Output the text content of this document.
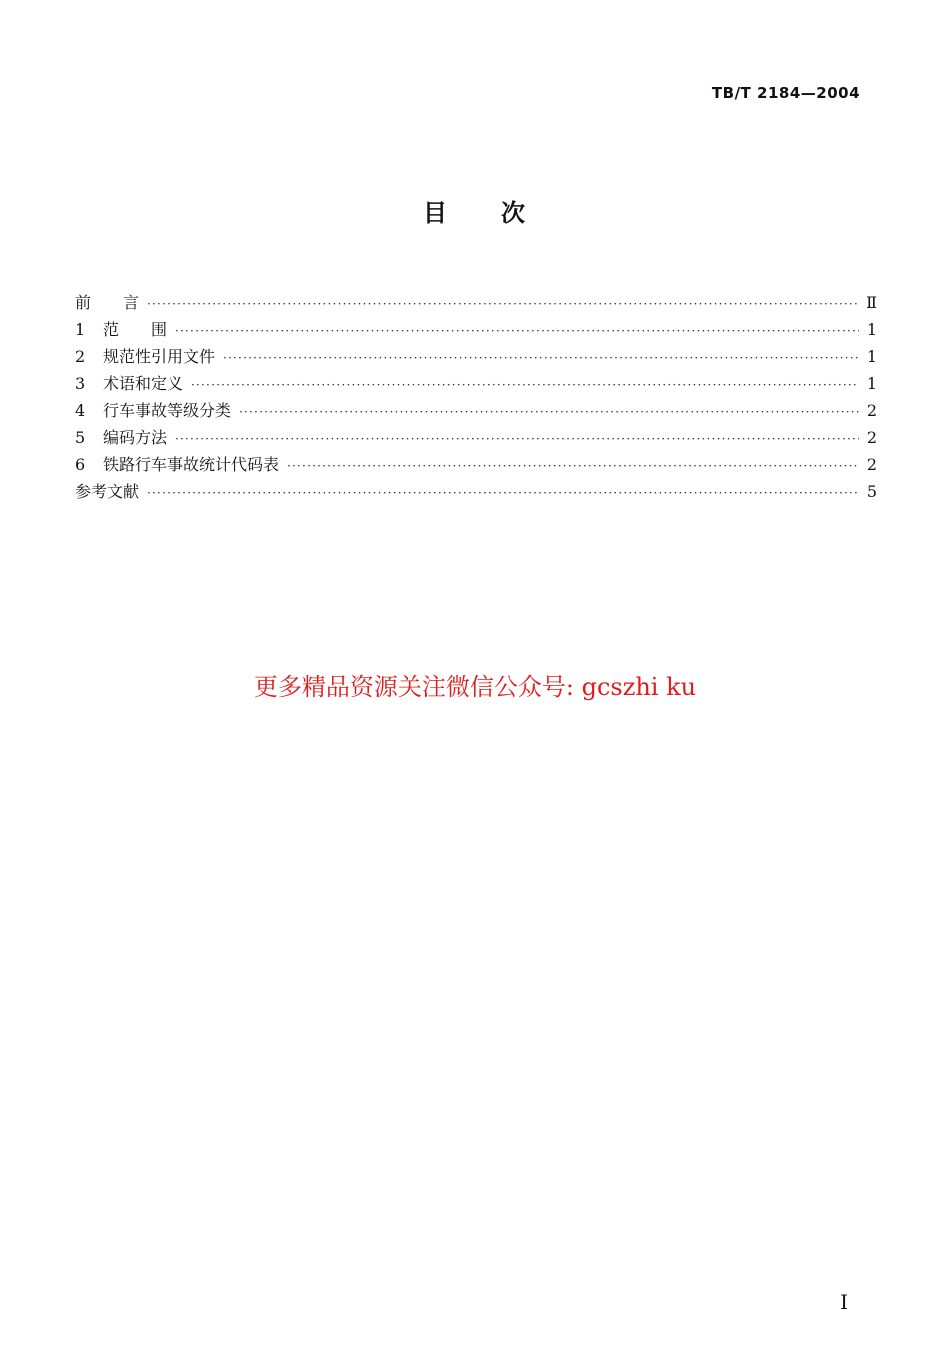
TB/T 2184—2004
目　　次
前　　言 ·····	Ⅱ
1	范　　围 ·····	1
2	规范性引用文件 ·····	1
3	术语和定义 ·····	1
4	行车事故等级分类 ·····	2
5	编码方法 ·····	2
6	铁路行车事故统计代码表 ·····	2
参考文献 ·····	5
更多精品资源关注微信公众号: gcszhi ku
I
